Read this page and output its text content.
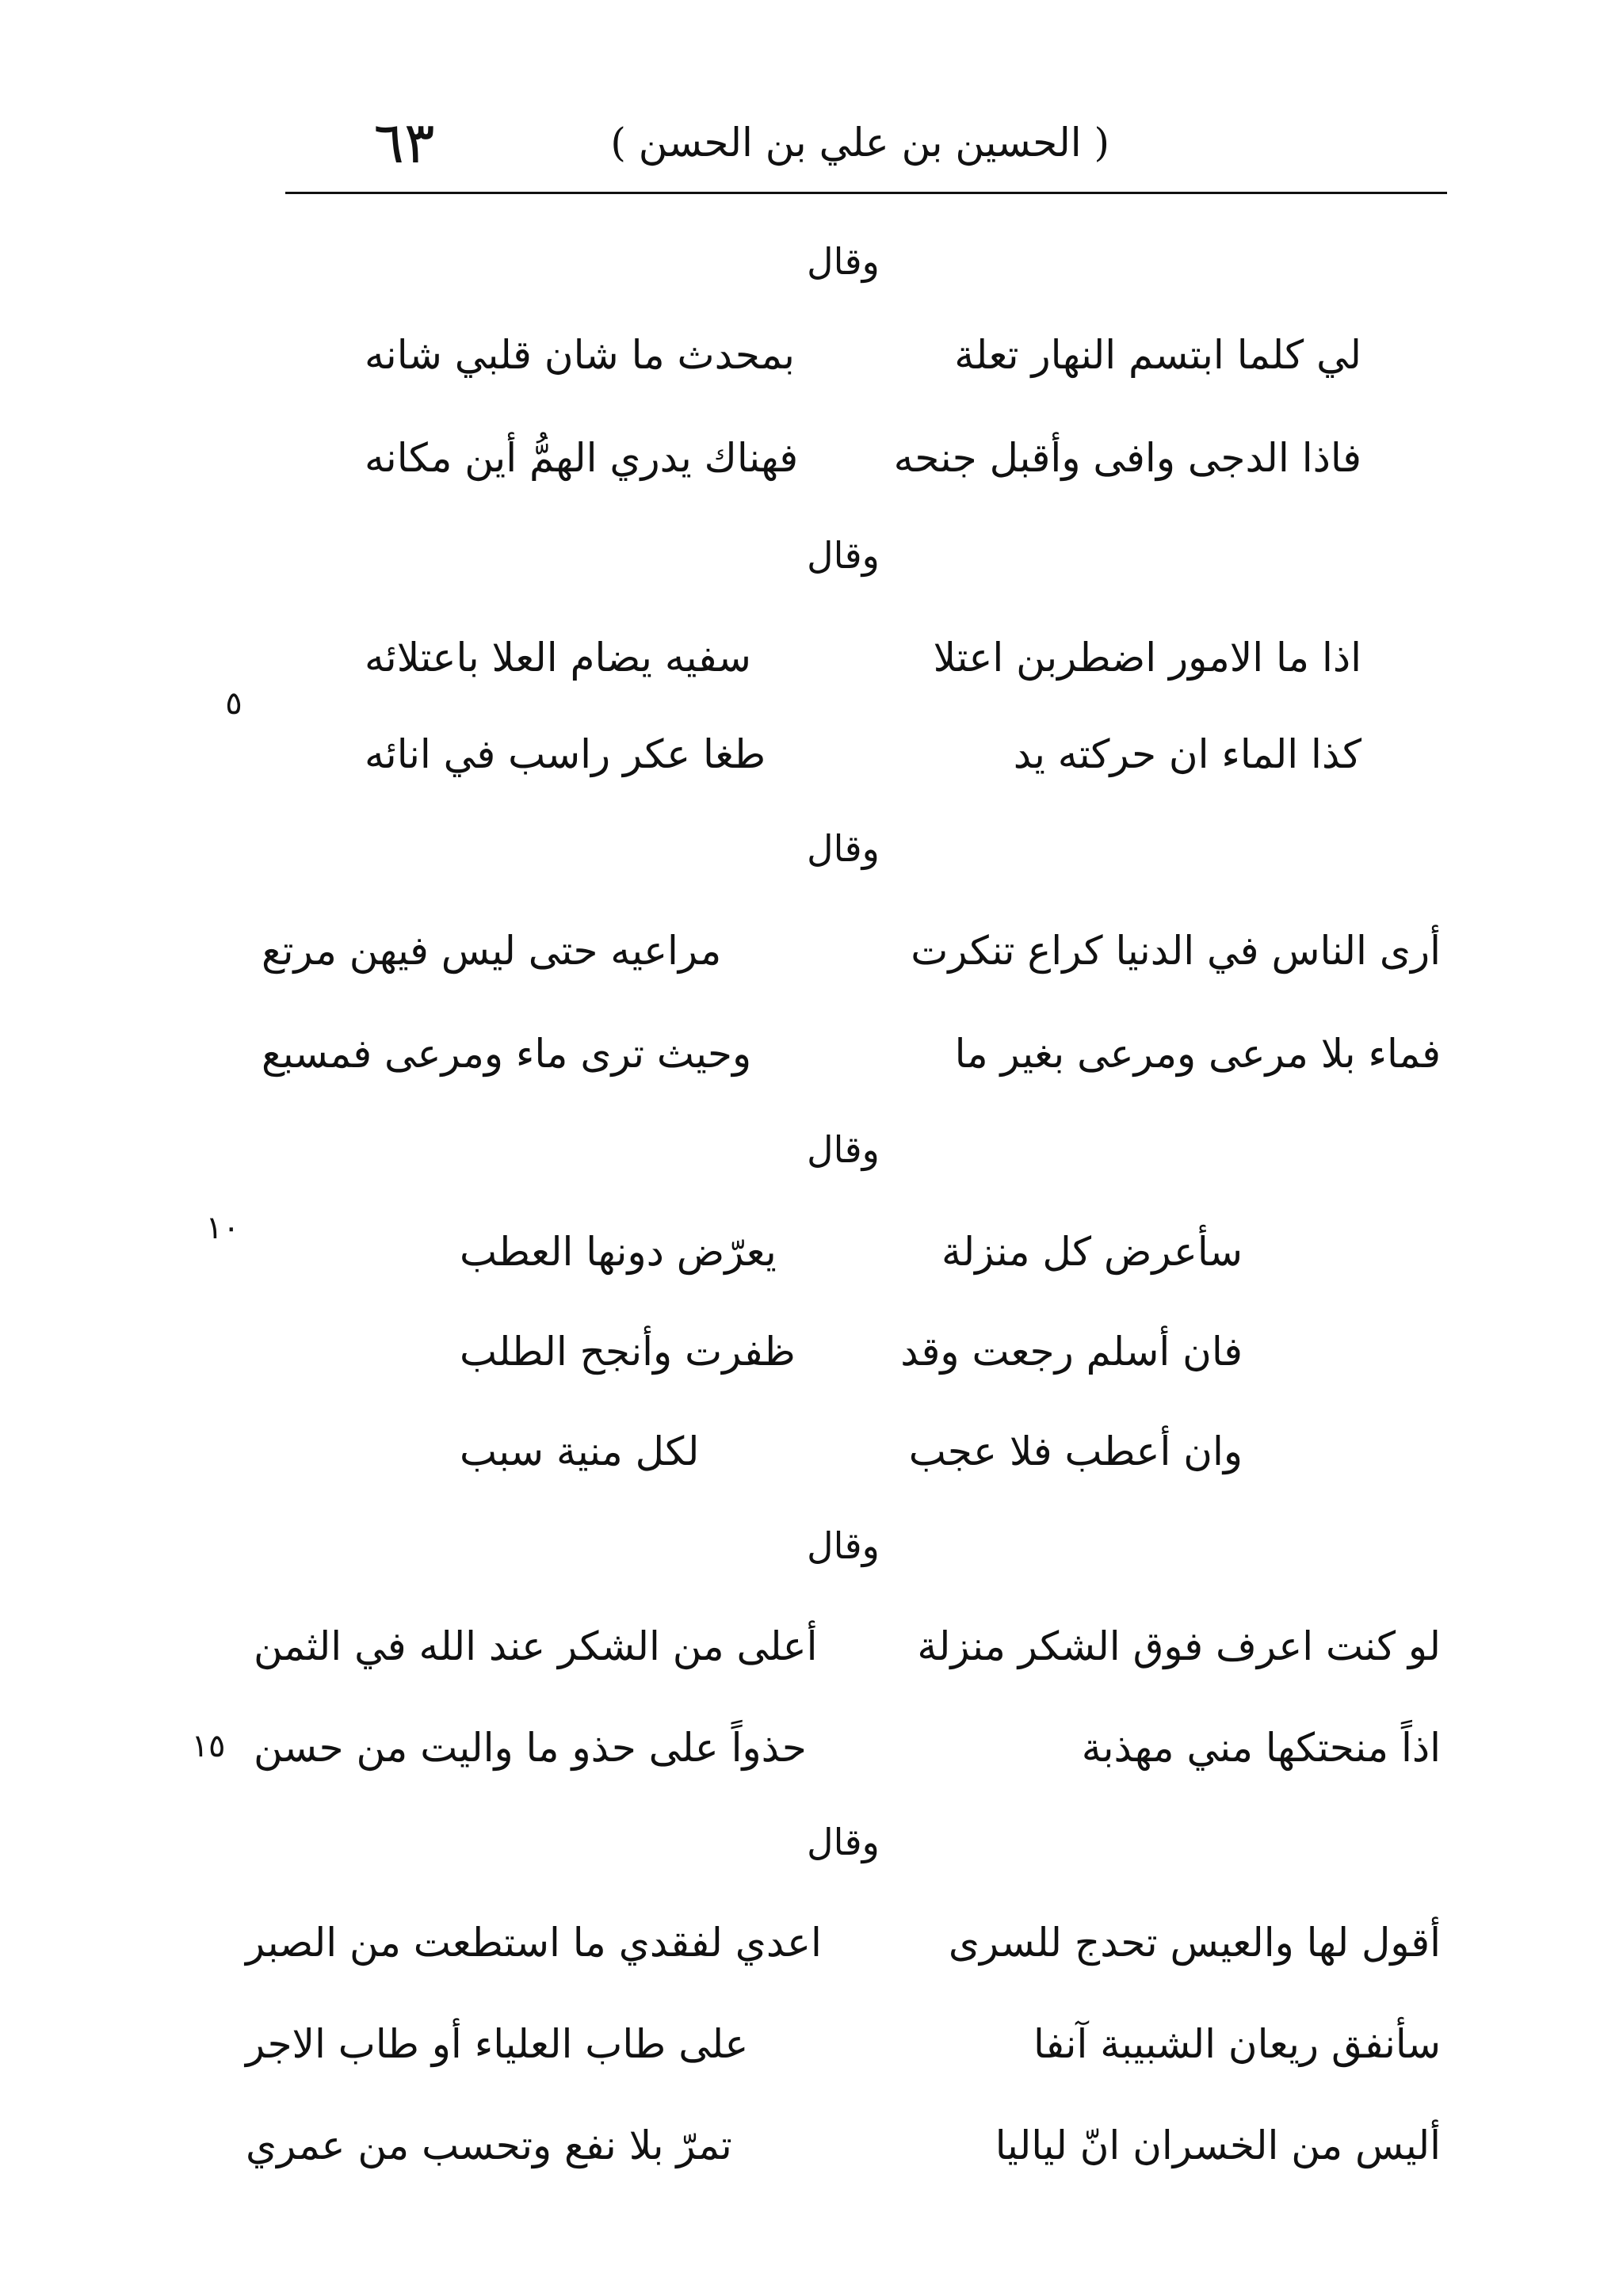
٦٣	( الحسين بن علي بن الحسن )
وقال
لي كلما ابتسم النهار تعلة
بمحدث ما شان قلبي شانه
فاذا الدجى وافى وأقبل جنحه
فهناك يدري الهمُّ أين مكانه
وقال
اذا ما الامور اضطربن اعتلا
سفيه يضام العلا باعتلائه
٥
كذا الماء ان حركته يد
طغا عكر راسب في انائه
وقال
أرى الناس في الدنيا كراع تنكرت
مراعيه حتى ليس فيهن مرتع
فماء بلا مرعى ومرعى بغير ما
وحيث ترى ماء ومرعى فمسبع
وقال
١٠
سأعرض كل منزلة
يعرّض دونها العطب
فان أسلم رجعت وقد
ظفرت وأنجح الطلب
وان أعطب فلا عجب
لكل منية سبب
وقال
لو كنت اعرف فوق الشكر منزلة
أعلى من الشكر عند الله في الثمن
اذاً منحتكها مني مهذبة
حذواً على حذو ما واليت من حسن
١٥
وقال
أقول لها والعيس تحدج للسرى
اعدي لفقدي ما استطعت من الصبر
سأنفق ريعان الشبيبة آنفا
على طاب العلياء أو طاب الاجر
أليس من الخسران انّ لياليا
تمرّ بلا نفع وتحسب من عمري
